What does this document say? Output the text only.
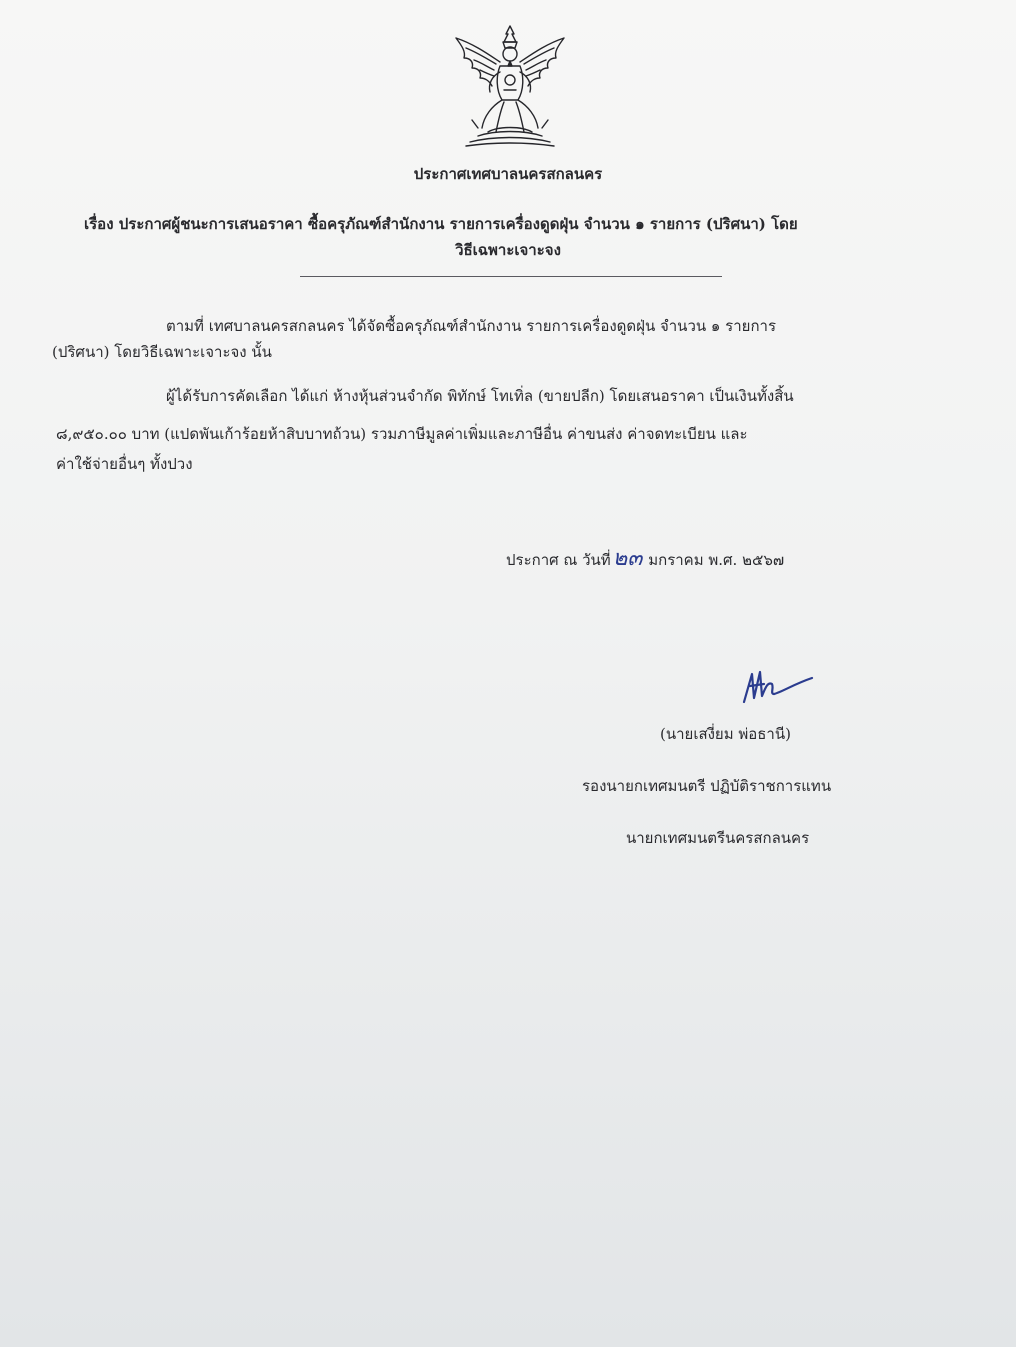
ประกาศเทศบาลนครสกลนคร
เรื่อง ประกาศผู้ชนะการเสนอราคา ซื้อครุภัณฑ์สำนักงาน รายการเครื่องดูดฝุ่น จำนวน ๑ รายการ (ปริศนา) โดย
วิธีเฉพาะเจาะจง
ตามที่ เทศบาลนครสกลนคร ได้จัดซื้อครุภัณฑ์สำนักงาน รายการเครื่องดูดฝุ่น จำนวน ๑ รายการ
(ปริศนา) โดยวิธีเฉพาะเจาะจง นั้น
ผู้ได้รับการคัดเลือก ได้แก่ ห้างหุ้นส่วนจำกัด พิทักษ์ โทเทิ่ล (ขายปลีก) โดยเสนอราคา เป็นเงินทั้งสิ้น
๘,๙๕๐.๐๐ บาท (แปดพันเก้าร้อยห้าสิบบาทถ้วน) รวมภาษีมูลค่าเพิ่มและภาษีอื่น ค่าขนส่ง ค่าจดทะเบียน และ
ค่าใช้จ่ายอื่นๆ ทั้งปวง
ประกาศ ณ วันที่๒๓ มกราคม พ.ศ. ๒๕๖๗
(นายเสงี่ยม พ่อธานี)
รองนายกเทศมนตรี ปฏิบัติราชการแทน
นายกเทศมนตรีนครสกลนคร
